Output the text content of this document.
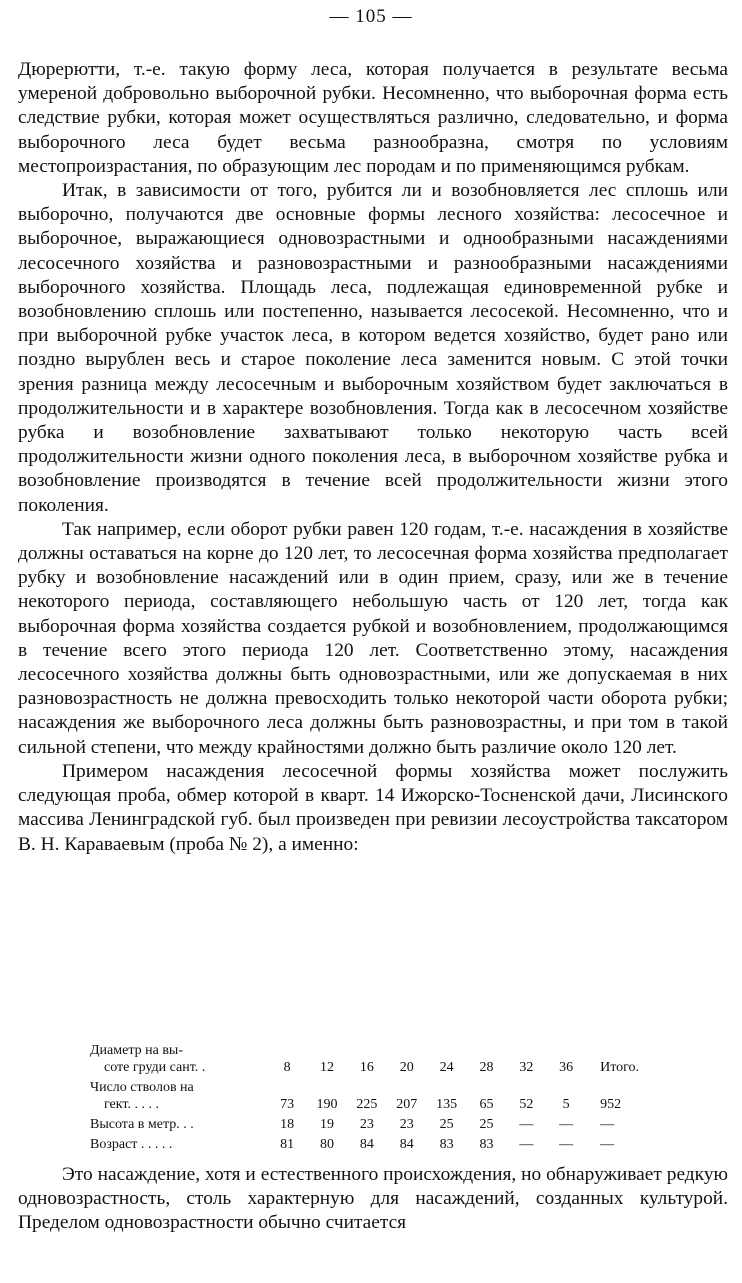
— 105 —

Дюрерютти, т.-е. такую форму леса, которая получается в результате весьма умереной добровольно выборочной рубки. Несомненно, что выборочная форма есть следствие рубки, которая может осуществляться различно, следовательно, и форма выборочного леса будет весьма разнообразна, смотря по условиям местопроизрастания, по образующим лес породам и по применяющимся рубкам.

Итак, в зависимости от того, рубится ли и возобновляется лес сплошь или выборочно, получаются две основные формы лесного хозяйства: лесосечное и выборочное, выражающиеся одновозрастными и однообразными насаждениями лесосечного хозяйства и разновозрастными и разнообразными насаждениями выборочного хозяйства. Площадь леса, подлежащая единовременной рубке и возобновлению сплошь или постепенно, называется лесосекой. Несомненно, что и при выборочной рубке участок леса, в котором ведется хозяйство, будет рано или поздно вырублен весь и старое поколение леса заменится новым. С этой точки зрения разница между лесосечным и выборочным хозяйством будет заключаться в продолжительности и в характере возобновления. Тогда как в лесосечном хозяйстве рубка и возобновление захватывают только некоторую часть всей продолжительности жизни одного поколения леса, в выборочном хозяйстве рубка и возобновление производятся в течение всей продолжительности жизни этого поколения.

Так например, если оборот рубки равен 120 годам, т.-е. насаждения в хозяйстве должны оставаться на корне до 120 лет, то лесосечная форма хозяйства предполагает рубку и возобновление насаждений или в один прием, сразу, или же в течение некоторого периода, составляющего небольшую часть от 120 лет, тогда как выборочная форма хозяйства создается рубкой и возобновлением, продолжающимся в течение всего этого периода 120 лет. Соответственно этому, насаждения лесосечного хозяйства должны быть одновозрастными, или же допускаемая в них разновозрастность не должна превосходить только некоторой части оборота рубки; насаждения же выборочного леса должны быть разновозрастны, и при том в такой сильной степени, что между крайностями должно быть различие около 120 лет.

Примером насаждения лесосечной формы хозяйства может послужить следующая проба, обмер которой в кварт. 14 Ижорско-Тосненской дачи, Лисинского массива Ленинградской губ. был произведен при ревизии лесоустройства таксатором В. Н. Караваевым (проба № 2), а именно:

Диаметр на вы-
соте груди сант. .	8	12	16	20	24	28	32	36	Итого.
Число стволов на
гект. . . . .	73	190	225	207	135	65	52	5	952
Высота в метр. . .	18	19	23	23	25	25	—	—	—
Возраст . . . . .	81	80	84	84	83	83	—	—	—

Это насаждение, хотя и естественного происхождения, но обнаруживает редкую одновозрастность, столь характерную для насаждений, созданных культурой. Пределом одновозрастности обычно считается
